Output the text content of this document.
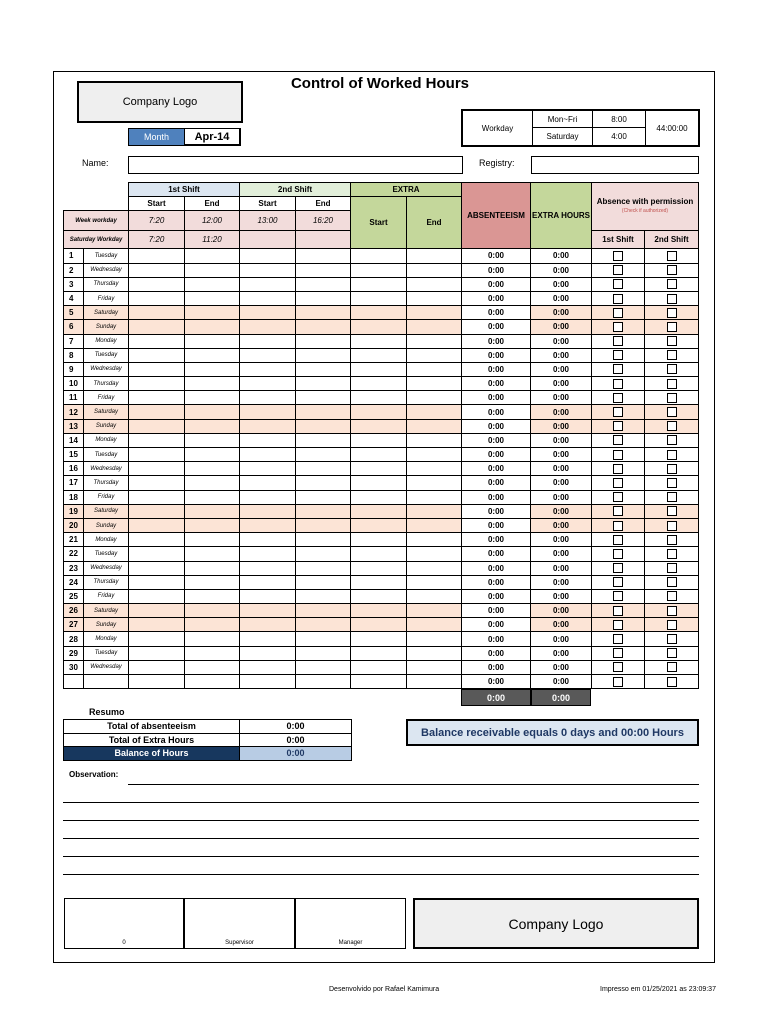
Company Logo
Control of Worked Hours
Month	Apr-14
Workday
Mon~Fri	8:00
Saturday	4:00
44:00:00
Name:	Registry:
		1st Shift		2nd Shift		EXTRA		ABSENTEEISM	EXTRA HOURS	Absence with permission
(Check if authorized)	
		Start	End	Start	End	Start	End				
Week workday		7:20	12:00	13:00	16:20						
Saturday Workday		7:20	11:20							1st Shift	2nd Shift
1	Tuesday							0:00	0:00		
2	Wednesday							0:00	0:00		
3	Thursday							0:00	0:00		
4	Friday							0:00	0:00		
5	Saturday							0:00	0:00		
6	Sunday							0:00	0:00		
7	Monday							0:00	0:00		
8	Tuesday							0:00	0:00		
9	Wednesday							0:00	0:00		
10	Thursday							0:00	0:00		
11	Friday							0:00	0:00		
12	Saturday							0:00	0:00		
13	Sunday							0:00	0:00		
14	Monday							0:00	0:00		
15	Tuesday							0:00	0:00		
16	Wednesday							0:00	0:00		
17	Thursday							0:00	0:00		
18	Friday							0:00	0:00		
19	Saturday							0:00	0:00		
20	Sunday							0:00	0:00		
21	Monday							0:00	0:00		
22	Tuesday							0:00	0:00		
23	Wednesday							0:00	0:00		
24	Thursday							0:00	0:00		
25	Friday							0:00	0:00		
26	Saturday							0:00	0:00		
27	Sunday							0:00	0:00		
28	Monday							0:00	0:00		
29	Tuesday							0:00	0:00		
30	Wednesday							0:00	0:00		
								0:00	0:00		
0:00	0:00
Resumo
Total of absenteeism	0:00
Total of Extra Hours	0:00
Balance of Hours	0:00
Balance receivable equals 0 days and 00:00 Hours
Observation:
0	Supervisor	Manager
Company Logo
Desenvolvido por Rafael Kamimura	Impresso em 01/25/2021 as 23:09:37
